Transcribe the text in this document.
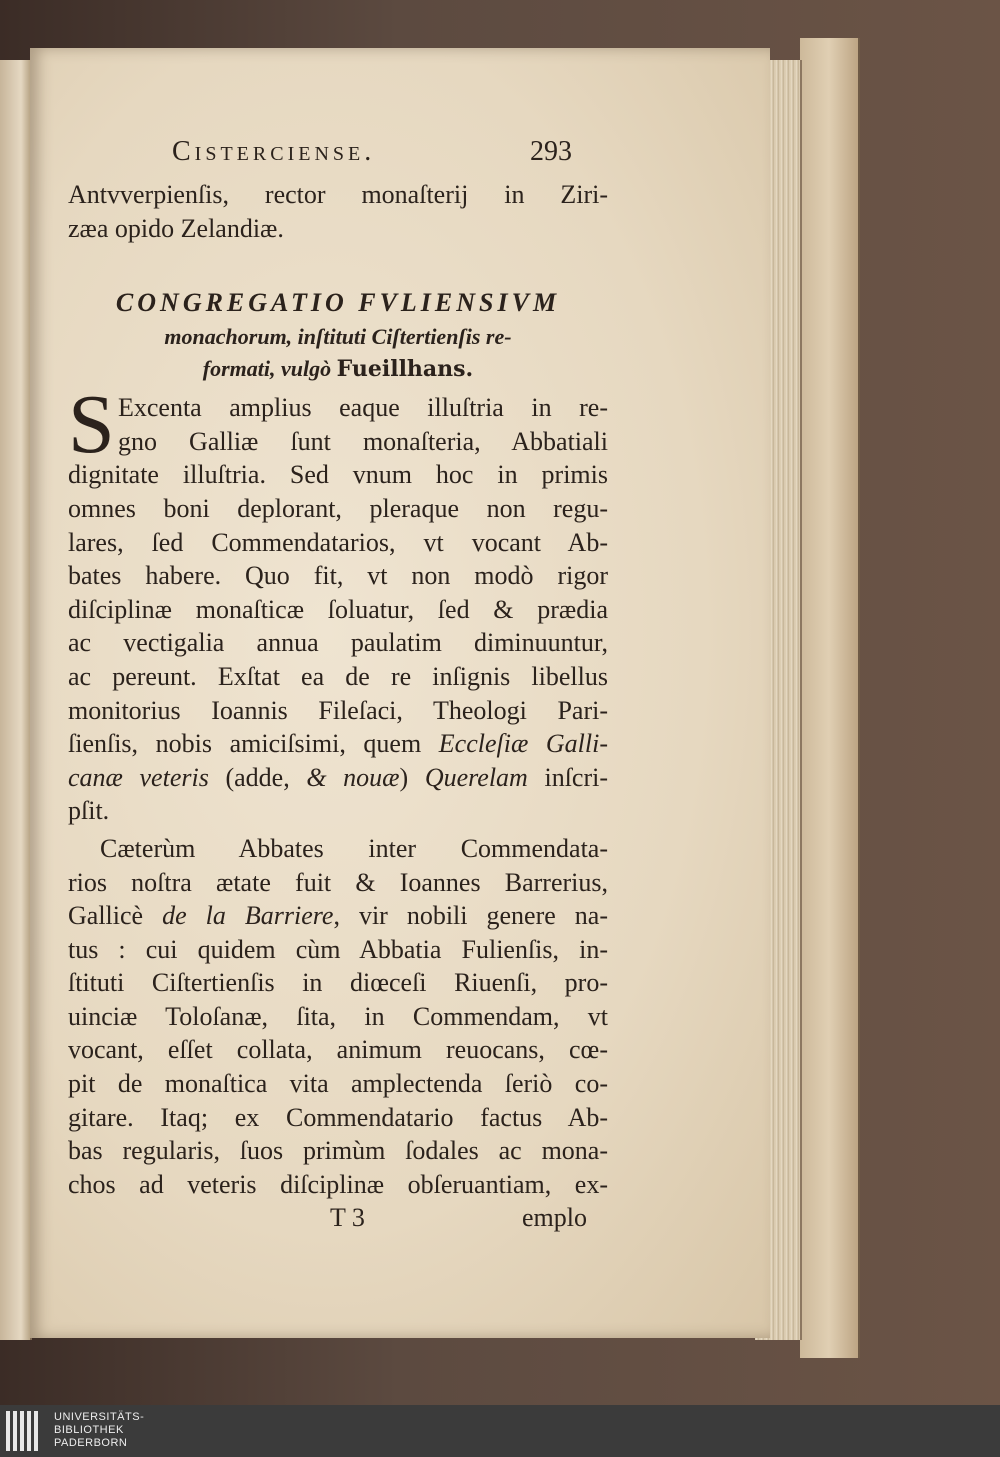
Cisterciense.	293
Antvverpienſis, rector monaſterij in Ziri-
zæa opido Zelandiæ.
CONGREGATIO FVLIENSIVM
monachorum, inſtituti Ciſtertienſis re-
formati, vulgò Fueillhans.
S Excenta amplius eaque illuſtria in re-
gno Galliæ ſunt monaſteria, Abbatiali
dignitate illuſtria. Sed vnum hoc in primis
omnes boni deplorant, pleraque non regu-
lares, ſed Commendatarios, vt vocant Ab-
bates habere. Quo fit, vt non modò rigor
diſciplinæ monaſticæ ſoluatur, ſed & prædia
ac vectigalia annua paulatim diminuuntur,
ac pereunt. Exſtat ea de re inſignis libellus
monitorius Ioannis Fileſaci, Theologi Pari-
ſienſis, nobis amiciſsimi, quem Eccleſiæ Galli-
canæ veteris (adde, & nouæ) Querelam inſcri-
pſit.
Cæterùm Abbates inter Commendata-
rios noſtra ætate fuit & Ioannes Barrerius,
Gallicè de la Barriere, vir nobili genere na-
tus : cui quidem cùm Abbatia Fulienſis, in-
ſtituti Ciſtertienſis in diœceſi Riuenſi, pro-
uinciæ Toloſanæ, ſita, in Commendam, vt
vocant, eſſet collata, animum reuocans, cœ-
pit de monaſtica vita amplectenda ſeriò co-
gitare. Itaq; ex Commendatario factus Ab-
bas regularis, ſuos primùm ſodales ac mona-
chos ad veteris diſciplinæ obſeruantiam, ex-
T 3	emplo
UNIVERSITÄTS-
BIBLIOTHEK
PADERBORN
